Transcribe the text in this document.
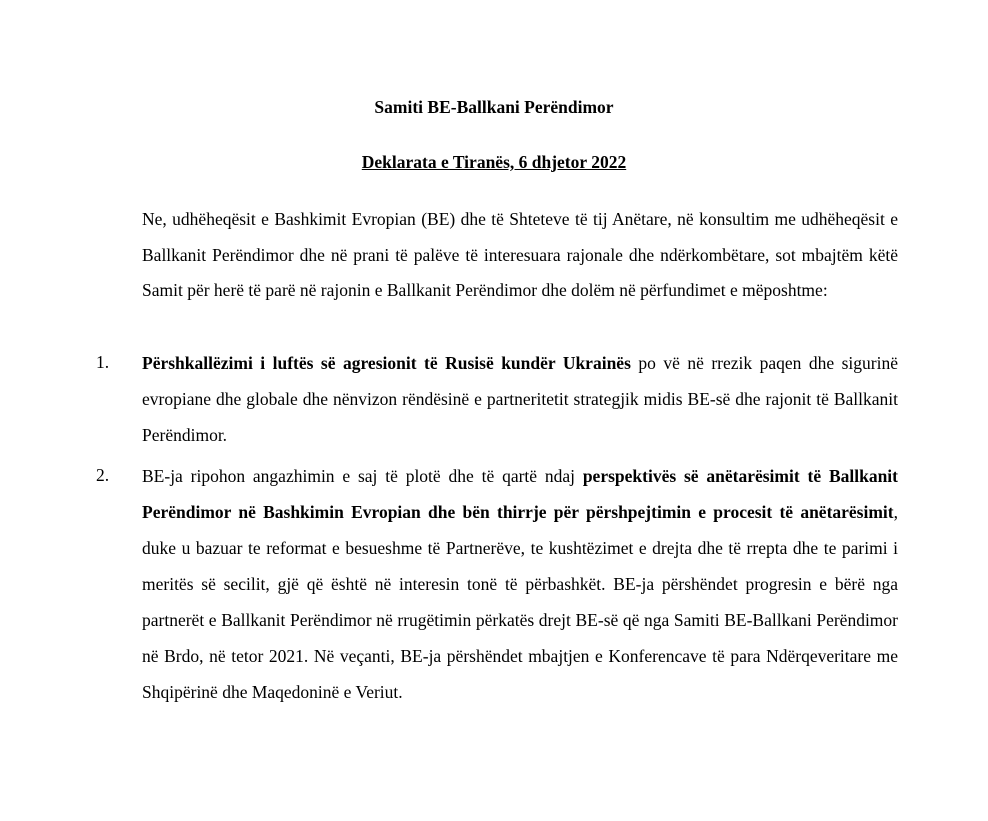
Samiti BE-Ballkani Perëndimor

Deklarata e Tiranës, 6 dhjetor 2022

Ne, udhëheqësit e Bashkimit Evropian (BE) dhe të Shteteve të tij Anëtare, në konsultim me udhëheqësit e Ballkanit Perëndimor dhe në prani të palëve të interesuara rajonale dhe ndërkombëtare, sot mbajtëm këtë Samit për herë të parë në rajonin e Ballkanit Perëndimor dhe dolëm në përfundimet e mëposhtme:

1.	Përshkallëzimi i luftës së agresionit të Rusisë kundër Ukrainës po vë në rrezik paqen dhe sigurinë evropiane dhe globale dhe nënvizon rëndësinë e partneritetit strategjik midis BE-së dhe rajonit të Ballkanit Perëndimor.

2.	BE-ja ripohon angazhimin e saj të plotë dhe të qartë ndaj perspektivës së anëtarësimit të Ballkanit Perëndimor në Bashkimin Evropian dhe bën thirrje për përshpejtimin e procesit të anëtarësimit, duke u bazuar te reformat e besueshme të Partnerëve, te kushtëzimet e drejta dhe të rrepta dhe te parimi i meritës së secilit, gjë që është në interesin tonë të përbashkët. BE-ja përshëndet progresin e bërë nga partnerët e Ballkanit Perëndimor në rrugëtimin përkatës drejt BE-së që nga Samiti BE-Ballkani Perëndimor në Brdo, në tetor 2021. Në veçanti, BE-ja përshëndet mbajtjen e Konferencave të para Ndërqeveritare me Shqipërinë dhe Maqedoninë e Veriut.
